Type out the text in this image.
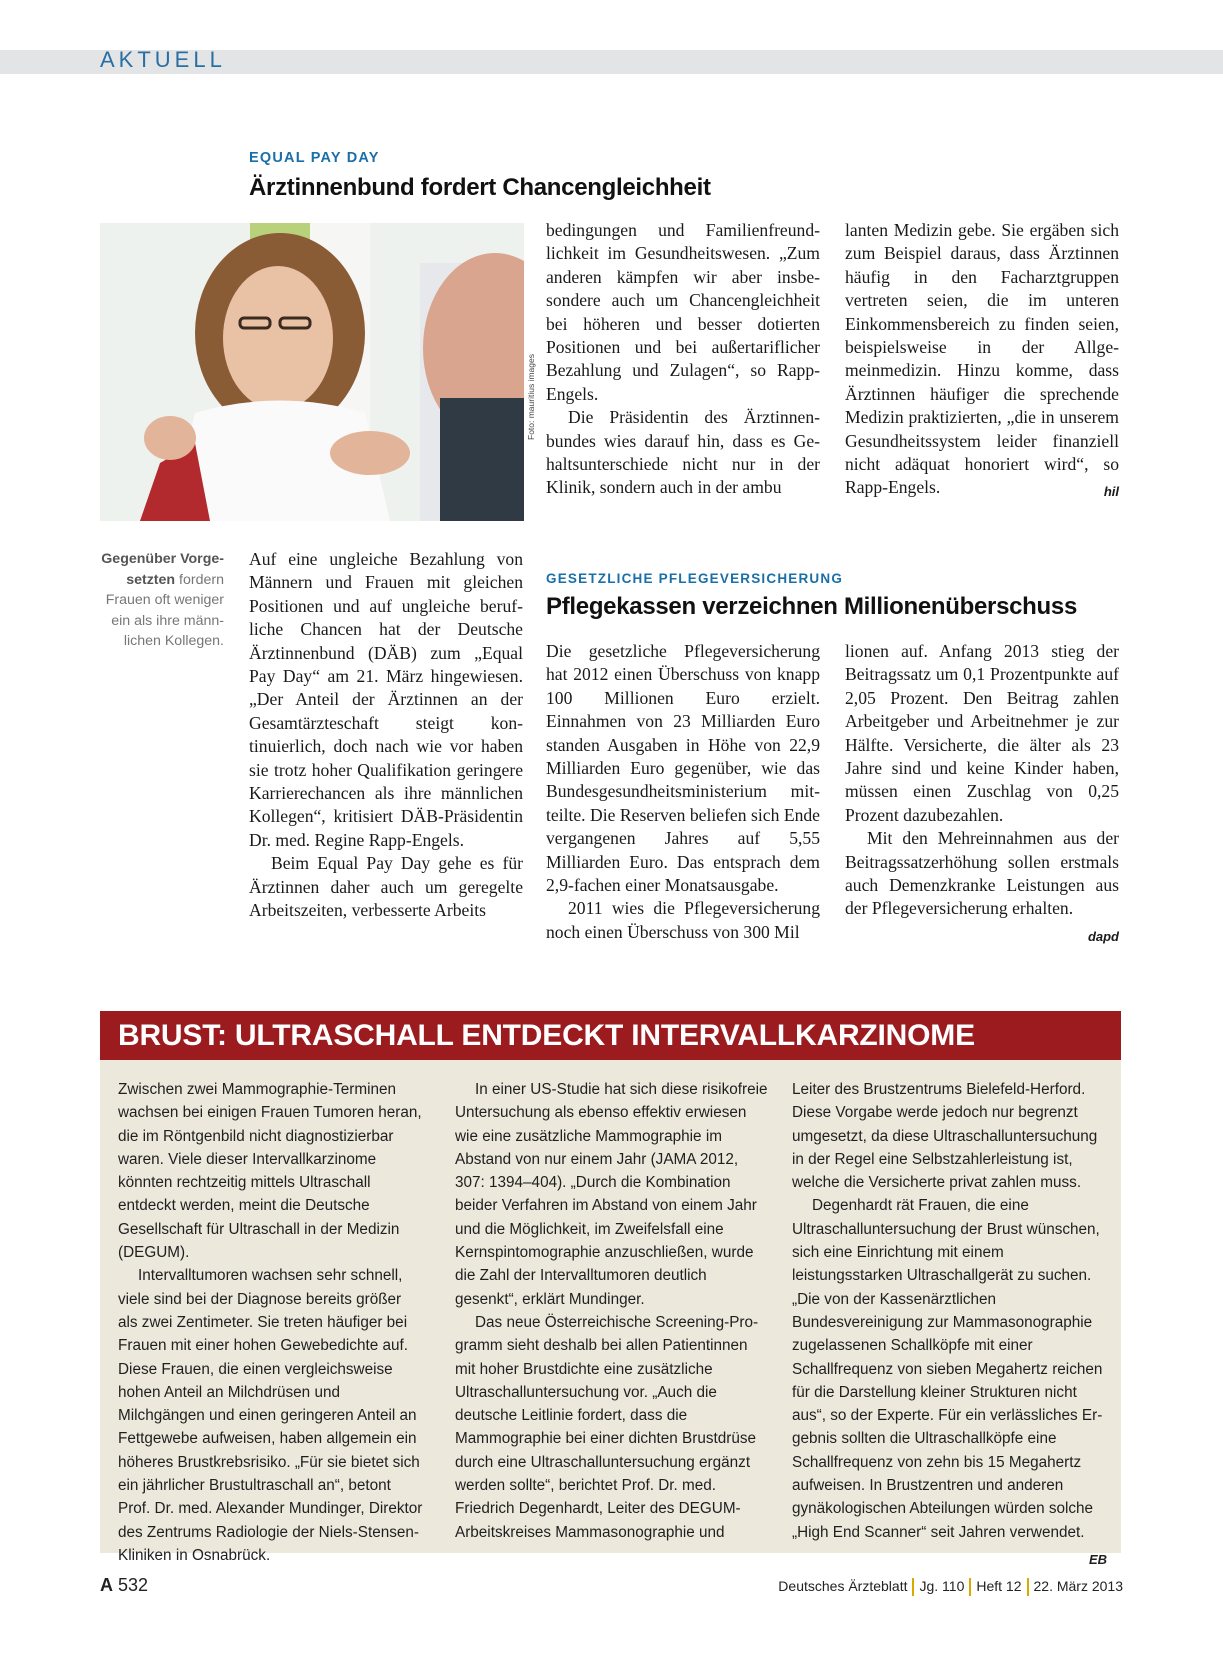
AKTUELL
EQUAL PAY DAY
Ärztinnenbund fordert Chancengleichheit
Foto: mauritius images
Gegenüber Vorgesetzten fordern Frauen oft weniger ein als ihre männlichen Kollegen.

Auf eine ungleiche Bezahlung von Männern und Frauen mit gleichen Positionen und auf ungleiche berufliche Chancen hat der Deutsche Ärztinnenbund (DÄB) zum „Equal Pay Day“ am 21. März hingewiesen. „Der Anteil der Ärztinnen an der Gesamtärzteschaft steigt kontinuierlich, doch nach wie vor haben sie trotz hoher Qualifikation geringere Karrierechancen als ihre männlichen Kollegen“, kritisiert DÄB-Präsidentin Dr. med. Regine Rapp-Engels.

Beim Equal Pay Day gehe es für Ärztinnen daher auch um geregelte Arbeitszeiten, verbesserte Arbeits

bedingungen und Familienfreundlichkeit im Gesundheitswesen. „Zum anderen kämpfen wir aber insbesondere auch um Chancengleichheit bei höheren und besser dotierten Positionen und bei außertariflicher Bezahlung und Zulagen“, so Rapp-Engels.

Die Präsidentin des Ärztinnenbundes wies darauf hin, dass es Gehaltsunterschiede nicht nur in der Klinik, sondern auch in der ambu

lanten Medizin gebe. Sie ergäben sich zum Beispiel daraus, dass Ärztinnen häufig in den Facharztgruppen vertreten seien, die im unteren Einkommensbereich zu finden seien, beispielsweise in der Allgemeinmedizin. Hinzu komme, dass Ärztinnen häufiger die sprechende Medizin praktizierten, „die in unserem Gesundheitssystem leider finanziell nicht adäquat honoriert wird“, so Rapp-Engels.	hil

GESETZLICHE PFLEGEVERSICHERUNG
Pflegekassen verzeichnen Millionenüberschuss

Die gesetzliche Pflegeversicherung hat 2012 einen Überschuss von knapp 100 Millionen Euro erzielt. Einnahmen von 23 Milliarden Euro standen Ausgaben in Höhe von 22,9 Milliarden Euro gegenüber, wie das Bundesgesundheitsministerium mitteilte. Die Reserven beliefen sich Ende vergangenen Jahres auf 5,55 Milliarden Euro. Das entsprach dem 2,9-fachen einer Monatsausgabe.

2011 wies die Pflegeversicherung noch einen Überschuss von 300 Mil

lionen auf. Anfang 2013 stieg der Beitragssatz um 0,1 Prozentpunkte auf 2,05 Prozent. Den Beitrag zahlen Arbeitgeber und Arbeitnehmer je zur Hälfte. Versicherte, die älter als 23 Jahre sind und keine Kinder haben, müssen einen Zuschlag von 0,25 Prozent dazubezahlen.

Mit den Mehreinnahmen aus der Beitragssatzerhöhung sollen erstmals auch Demenzkranke Leistungen aus der Pflegeversicherung erhalten.
dapd

BRUST: ULTRASCHALL ENTDECKT INTERVALLKARZINOME

Zwischen zwei Mammographie-Terminen wachsen bei einigen Frauen Tumoren heran, die im Röntgenbild nicht diagnostizierbar waren. Viele dieser Intervallkarzinome könnten rechtzeitig mittels Ultraschall entdeckt werden, meint die Deutsche Gesellschaft für Ultraschall in der Medizin (DEGUM).

Intervalltumoren wachsen sehr schnell, viele sind bei der Diagnose bereits größer als zwei Zentimeter. Sie treten häufiger bei Frauen mit einer hohen Gewebedichte auf. Diese Frauen, die einen vergleichsweise hohen Anteil an Milchdrüsen und Milchgängen und einen geringeren Anteil an Fettgewebe aufweisen, haben allgemein ein höheres Brustkrebsrisiko. „Für sie bietet sich ein jährlicher Brustultraschall an“, betont Prof. Dr. med. Alexander Mundinger, Direktor des Zentrums Radiologie der Niels-Stensen-Kliniken in Osnabrück.

In einer US-Studie hat sich diese risikofreie Untersuchung als ebenso effektiv erwiesen wie eine zusätzliche Mammographie im Abstand von nur einem Jahr (JAMA 2012, 307: 1394–404). „Durch die Kombination beider Verfahren im Abstand von einem Jahr und die Möglichkeit, im Zweifelsfall eine Kernspintomographie anzuschließen, wurde die Zahl der Intervalltumoren deutlich gesenkt“, erklärt Mundinger.

Das neue Österreichische Screening-Programm sieht deshalb bei allen Patientinnen mit hoher Brustdichte eine zusätzliche Ultraschalluntersuchung vor. „Auch die deutsche Leitlinie fordert, dass die Mammographie bei einer dichten Brustdrüse durch eine Ultraschalluntersuchung ergänzt werden sollte“, berichtet Prof. Dr. med. Friedrich Degenhardt, Leiter des DEGUM-Arbeitskreises Mammasonographie und

Leiter des Brustzentrums Bielefeld-Herford. Diese Vorgabe werde jedoch nur begrenzt umgesetzt, da diese Ultraschalluntersuchung in der Regel eine Selbstzahlerleistung ist, welche die Versicherte privat zahlen muss.

Degenhardt rät Frauen, die eine Ultraschalluntersuchung der Brust wünschen, sich eine Einrichtung mit einem leistungsstarken Ultraschallgerät zu suchen. „Die von der Kassenärztlichen Bundesvereinigung zur Mammasonographie zugelassenen Schallköpfe mit einer Schallfrequenz von sieben Megahertz reichen für die Darstellung kleiner Strukturen nicht aus“, so der Experte. Für ein verlässliches Ergebnis sollten die Ultraschallköpfe eine Schallfrequenz von zehn bis 15 Megahertz aufweisen. In Brustzentren und anderen gynäkologischen Abteilungen würden solche „High End Scanner“ seit Jahren verwendet.
EB

A 532	Deutsches Ärzteblatt Jg. 110 Heft 12 22. März 2013
